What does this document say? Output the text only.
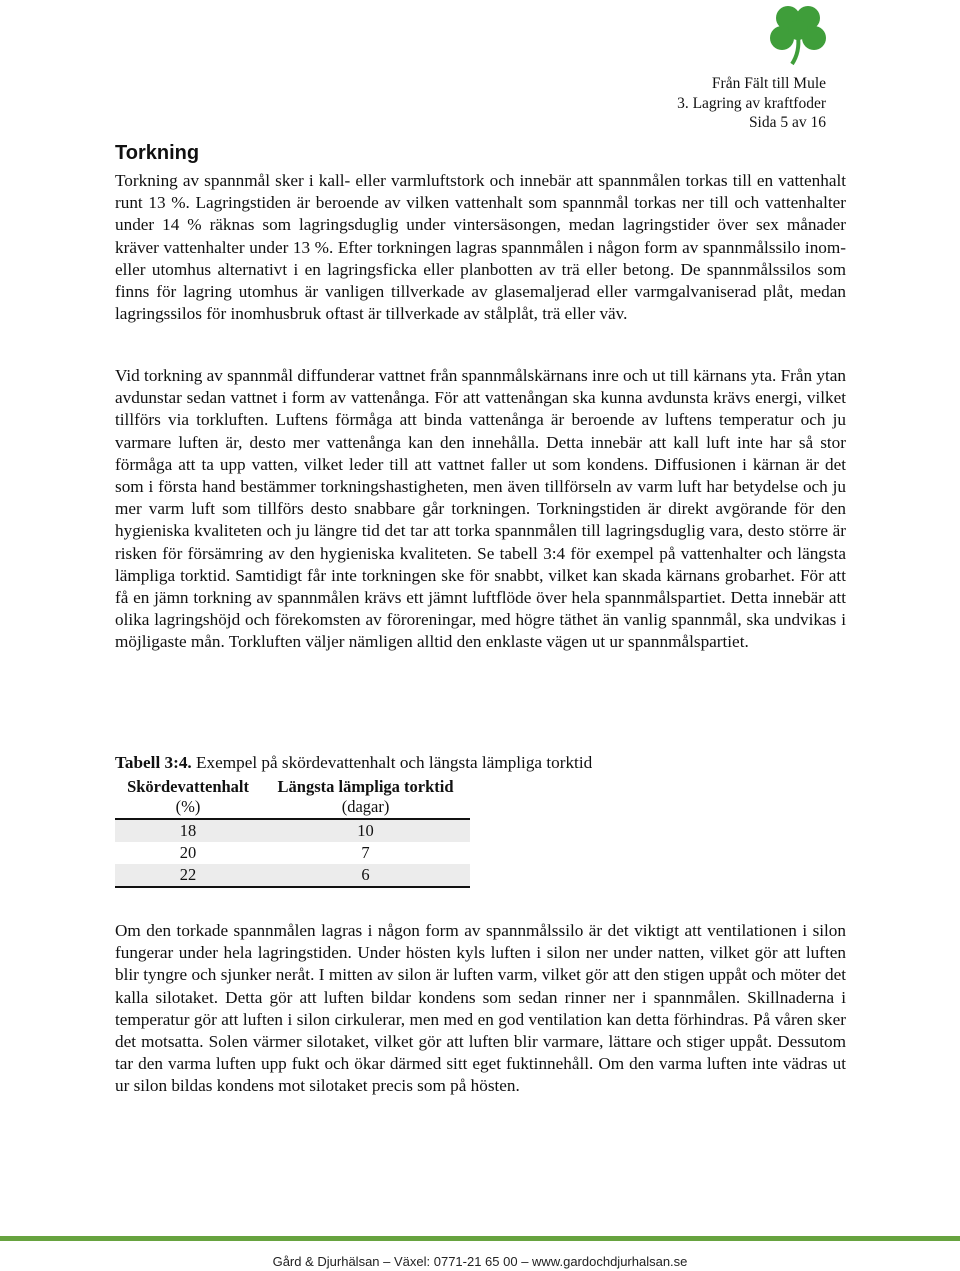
Från Fält till Mule
3. Lagring av kraftfoder
Sida 5 av 16
Torkning

Torkning av spannmål sker i kall- eller varmluftstork och innebär att spannmålen torkas till en vattenhalt runt 13 %. Lagringstiden är beroende av vilken vattenhalt som spannmål torkas ner till och vattenhalter under 14 % räknas som lagringsduglig under vintersäsongen, medan lagringstider över sex månader kräver vattenhalter under 13 %. Efter torkningen lagras spannmålen i någon form av spannmålssilo inom- eller utomhus alternativt i en lagringsficka eller planbotten av trä eller betong. De spannmålssilos som finns för lagring utomhus är vanligen tillverkade av glasemaljerad eller varmgalvaniserad plåt, medan lagringssilos för inomhusbruk oftast är tillverkade av stålplåt, trä eller väv.

Vid torkning av spannmål diffunderar vattnet från spannmålskärnans inre och ut till kärnans yta. Från ytan avdunstar sedan vattnet i form av vattenånga. För att vattenångan ska kunna avdunsta krävs energi, vilket tillförs via torkluften. Luftens förmåga att binda vattenånga är beroende av luftens temperatur och ju varmare luften är, desto mer vattenånga kan den innehålla. Detta innebär att kall luft inte har så stor förmåga att ta upp vatten, vilket leder till att vattnet faller ut som kondens. Diffusionen i kärnan är det som i första hand bestämmer torkningshastigheten, men även tillförseln av varm luft har betydelse och ju mer varm luft som tillförs desto snabbare går torkningen. Torkningstiden är direkt avgörande för den hygieniska kvaliteten och ju längre tid det tar att torka spannmålen till lagringsduglig vara, desto större är risken för försämring av den hygieniska kvaliteten. Se tabell 3:4 för exempel på vattenhalter och längsta lämpliga torktid. Samtidigt får inte torkningen ske för snabbt, vilket kan skada kärnans grobarhet. För att få en jämn torkning av spannmålen krävs ett jämnt luftflöde över hela spannmålspartiet. Detta innebär att olika lagringshöjd och förekomsten av föroreningar, med högre täthet än vanlig spannmål, ska undvikas i möjligaste mån. Torkluften väljer nämligen alltid den enklaste vägen ut ur spannmålspartiet.

Tabell 3:4. Exempel på skördevattenhalt och längsta lämpliga torktid
Skördevattenhalt	Längsta lämpliga torktid
(%)	(dagar)
18	10
20	7
22	6

Om den torkade spannmålen lagras i någon form av spannmålssilo är det viktigt att ventilationen i silon fungerar under hela lagringstiden. Under hösten kyls luften i silon ner under natten, vilket gör att luften blir tyngre och sjunker neråt. I mitten av silon är luften varm, vilket gör att den stigen uppåt och möter det kalla silotaket. Detta gör att luften bildar kondens som sedan rinner ner i spannmålen. Skillnaderna i temperatur gör att luften i silon cirkulerar, men med en god ventilation kan detta förhindras. På våren sker det motsatta. Solen värmer silotaket, vilket gör att luften blir varmare, lättare och stiger uppåt. Dessutom tar den varma luften upp fukt och ökar därmed sitt eget fuktinnehåll. Om den varma luften inte vädras ut ur silon bildas kondens mot silotaket precis som på hösten.

Gård & Djurhälsan – Växel: 0771-21 65 00 – www.gardochdjurhalsan.se
